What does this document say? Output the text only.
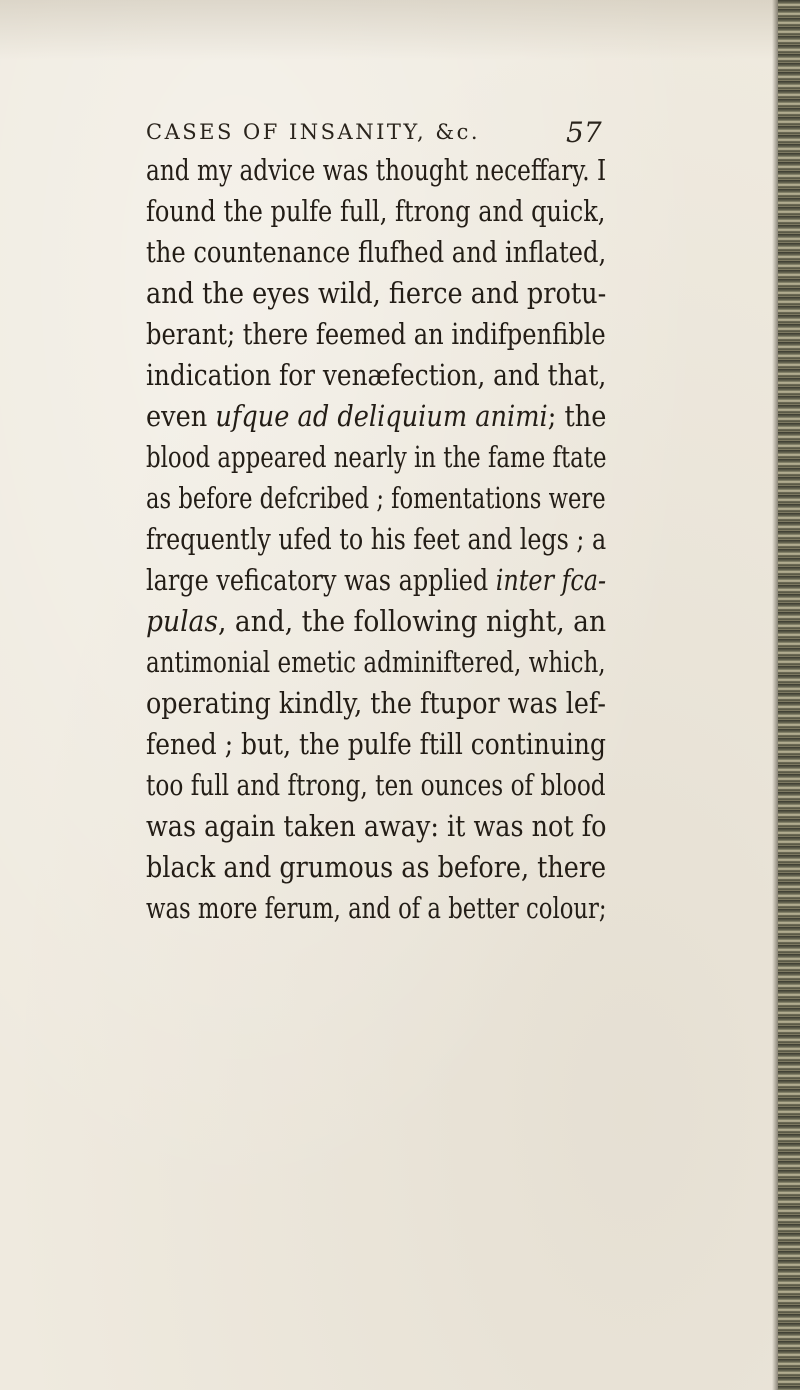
CASES OF INSANITY, &c.	57
and my advice was thought neceffary. I
found the pulfe full, ftrong and quick,
the countenance flufhed and inflated,
and the eyes wild, fierce and protu-
berant; there feemed an indifpenfible
indication for venæfection, and that,
even ufque ad deliquium animi; the
blood appeared nearly in the fame ftate
as before defcribed ; fomentations were
frequently ufed to his feet and legs ; a
large veficatory was applied inter fca-
pulas, and, the following night, an
antimonial emetic adminiftered, which,
operating kindly, the ftupor was lef-
fened ; but, the pulfe ftill continuing
too full and ftrong, ten ounces of blood
was again taken away: it was not fo
black and grumous as before, there
was more ferum, and of a better colour;
